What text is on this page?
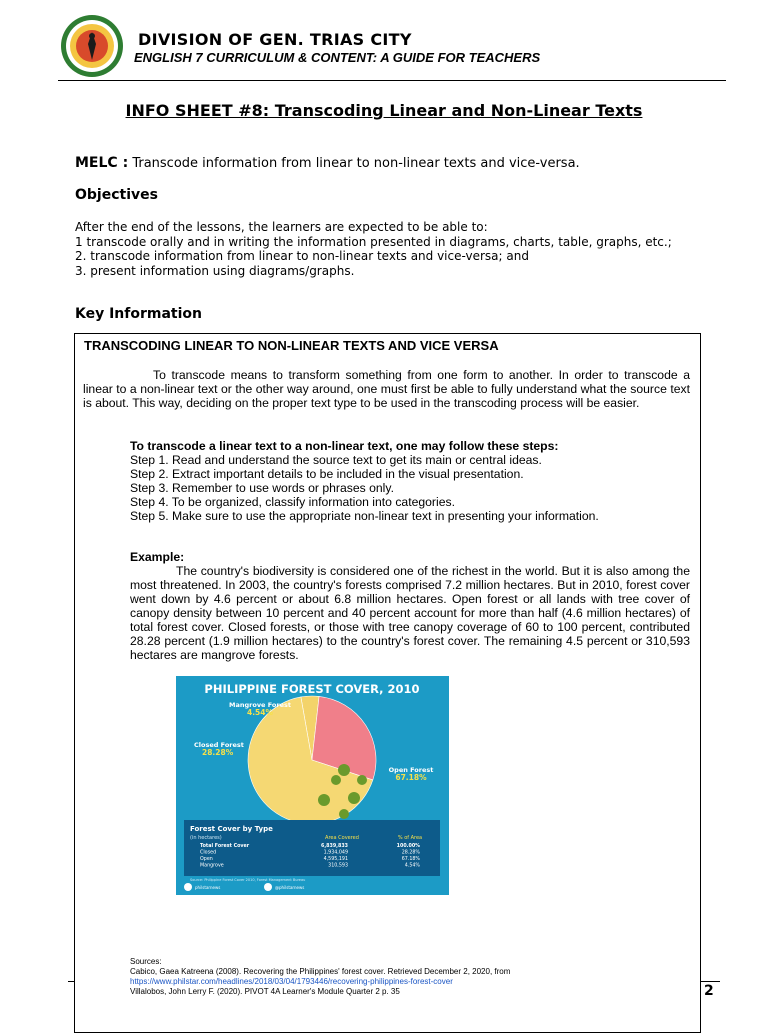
DIVISION OF GEN. TRIAS CITY
ENGLISH 7 CURRICULUM & CONTENT: A GUIDE FOR TEACHERS
INFO SHEET #8: Transcoding Linear and Non-Linear Texts
MELC : Transcode information from linear to non-linear texts and vice-versa.
Objectives
After the end of the lessons, the learners are expected to be able to:
1 transcode orally and in writing the information presented in diagrams, charts, table, graphs, etc.;
2. transcode information from linear to non-linear texts and vice-versa; and
3. present information using diagrams/graphs.
Key Information
TRANSCODING LINEAR TO NON-LINEAR TEXTS AND VICE VERSA
To transcode means to transform something from one form to another. In order to transcode a linear to a non-linear text or the other way around, one must first be able to fully understand what the source text is about. This way, deciding on the proper text type to be used in the transcoding process will be easier.
To transcode a linear text to a non-linear text, one may follow these steps:
Step 1. Read and understand the source text to get its main or central ideas.
Step 2. Extract important details to be included in the visual presentation.
Step 3. Remember to use words or phrases only.
Step 4. To be organized, classify information into categories.
Step 5. Make sure to use the appropriate non-linear text in presenting your information.
Example:
The country's biodiversity is considered one of the richest in the world. But it is also among the most threatened. In 2003, the country's forests comprised 7.2 million hectares. But in 2010, forest cover went down by 4.6 percent or about 6.8 million hectares. Open forest or all lands with tree cover of canopy density between 10 percent and 40 percent account for more than half (4.6 million hectares) of total forest cover. Closed forests, or those with tree canopy coverage of 60 to 100 percent, contributed 28.28 percent (1.9 million hectares) to the country's forest cover. The remaining 4.5 percent or 310,593 hectares are mangrove forests.
PHILIPPINE FOREST COVER, 2010
Mangrove Forest
4.54%
Closed Forest
28.28%
Open Forest
67.18%
Forest Cover by Type
(in hectares)	Area Covered	% of Area
Total Forest Cover	6,839,833	100.00%
Closed	1,934,049	28.28%
Open	4,595,191	67.18%
Mangrove	310,593	4.54%
Source: Philippine Forest Cover 2010, Forest Management Bureau
philstarnews	@philstarnews
Sources:
Cabico, Gaea Katreena (2008). Recovering the Philippines' forest cover. Retrieved December 2, 2020, from
https://www.philstar.com/headlines/2018/03/04/1793446/recovering-philippines-forest-cover
Villalobos, John Lerry F. (2020). PIVOT 4A Learner's Module Quarter 2 p. 35	2
